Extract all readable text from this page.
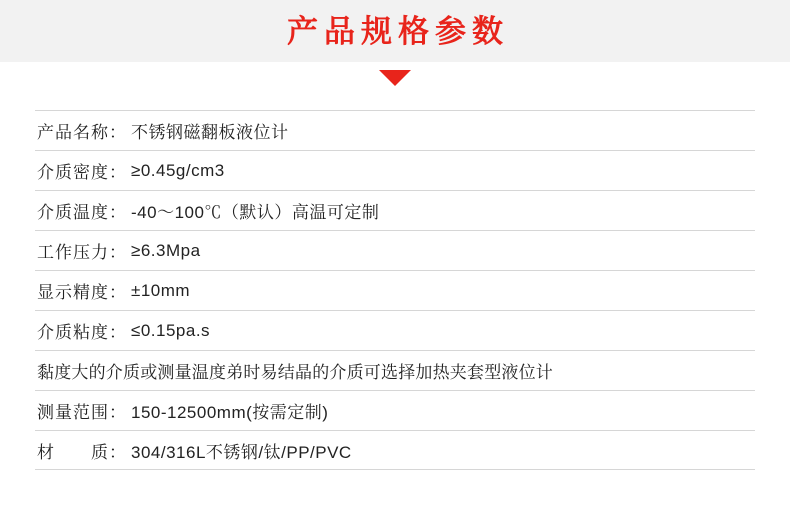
产品规格参数
产品名称： 不锈钢磁翻板液位计
介质密度： ≥0.45g/cm3
介质温度： -40～100℃（默认）高温可定制
工作压力： ≥6.3Mpa
显示精度： ±10mm
介质粘度： ≤0.15pa.s
黏度大的介质或测量温度弟时易结晶的介质可选择加热夹套型液位计
测量范围： 150-12500mm(按需定制)
材　　质： 304/316L不锈钢/钛/PP/PVC
